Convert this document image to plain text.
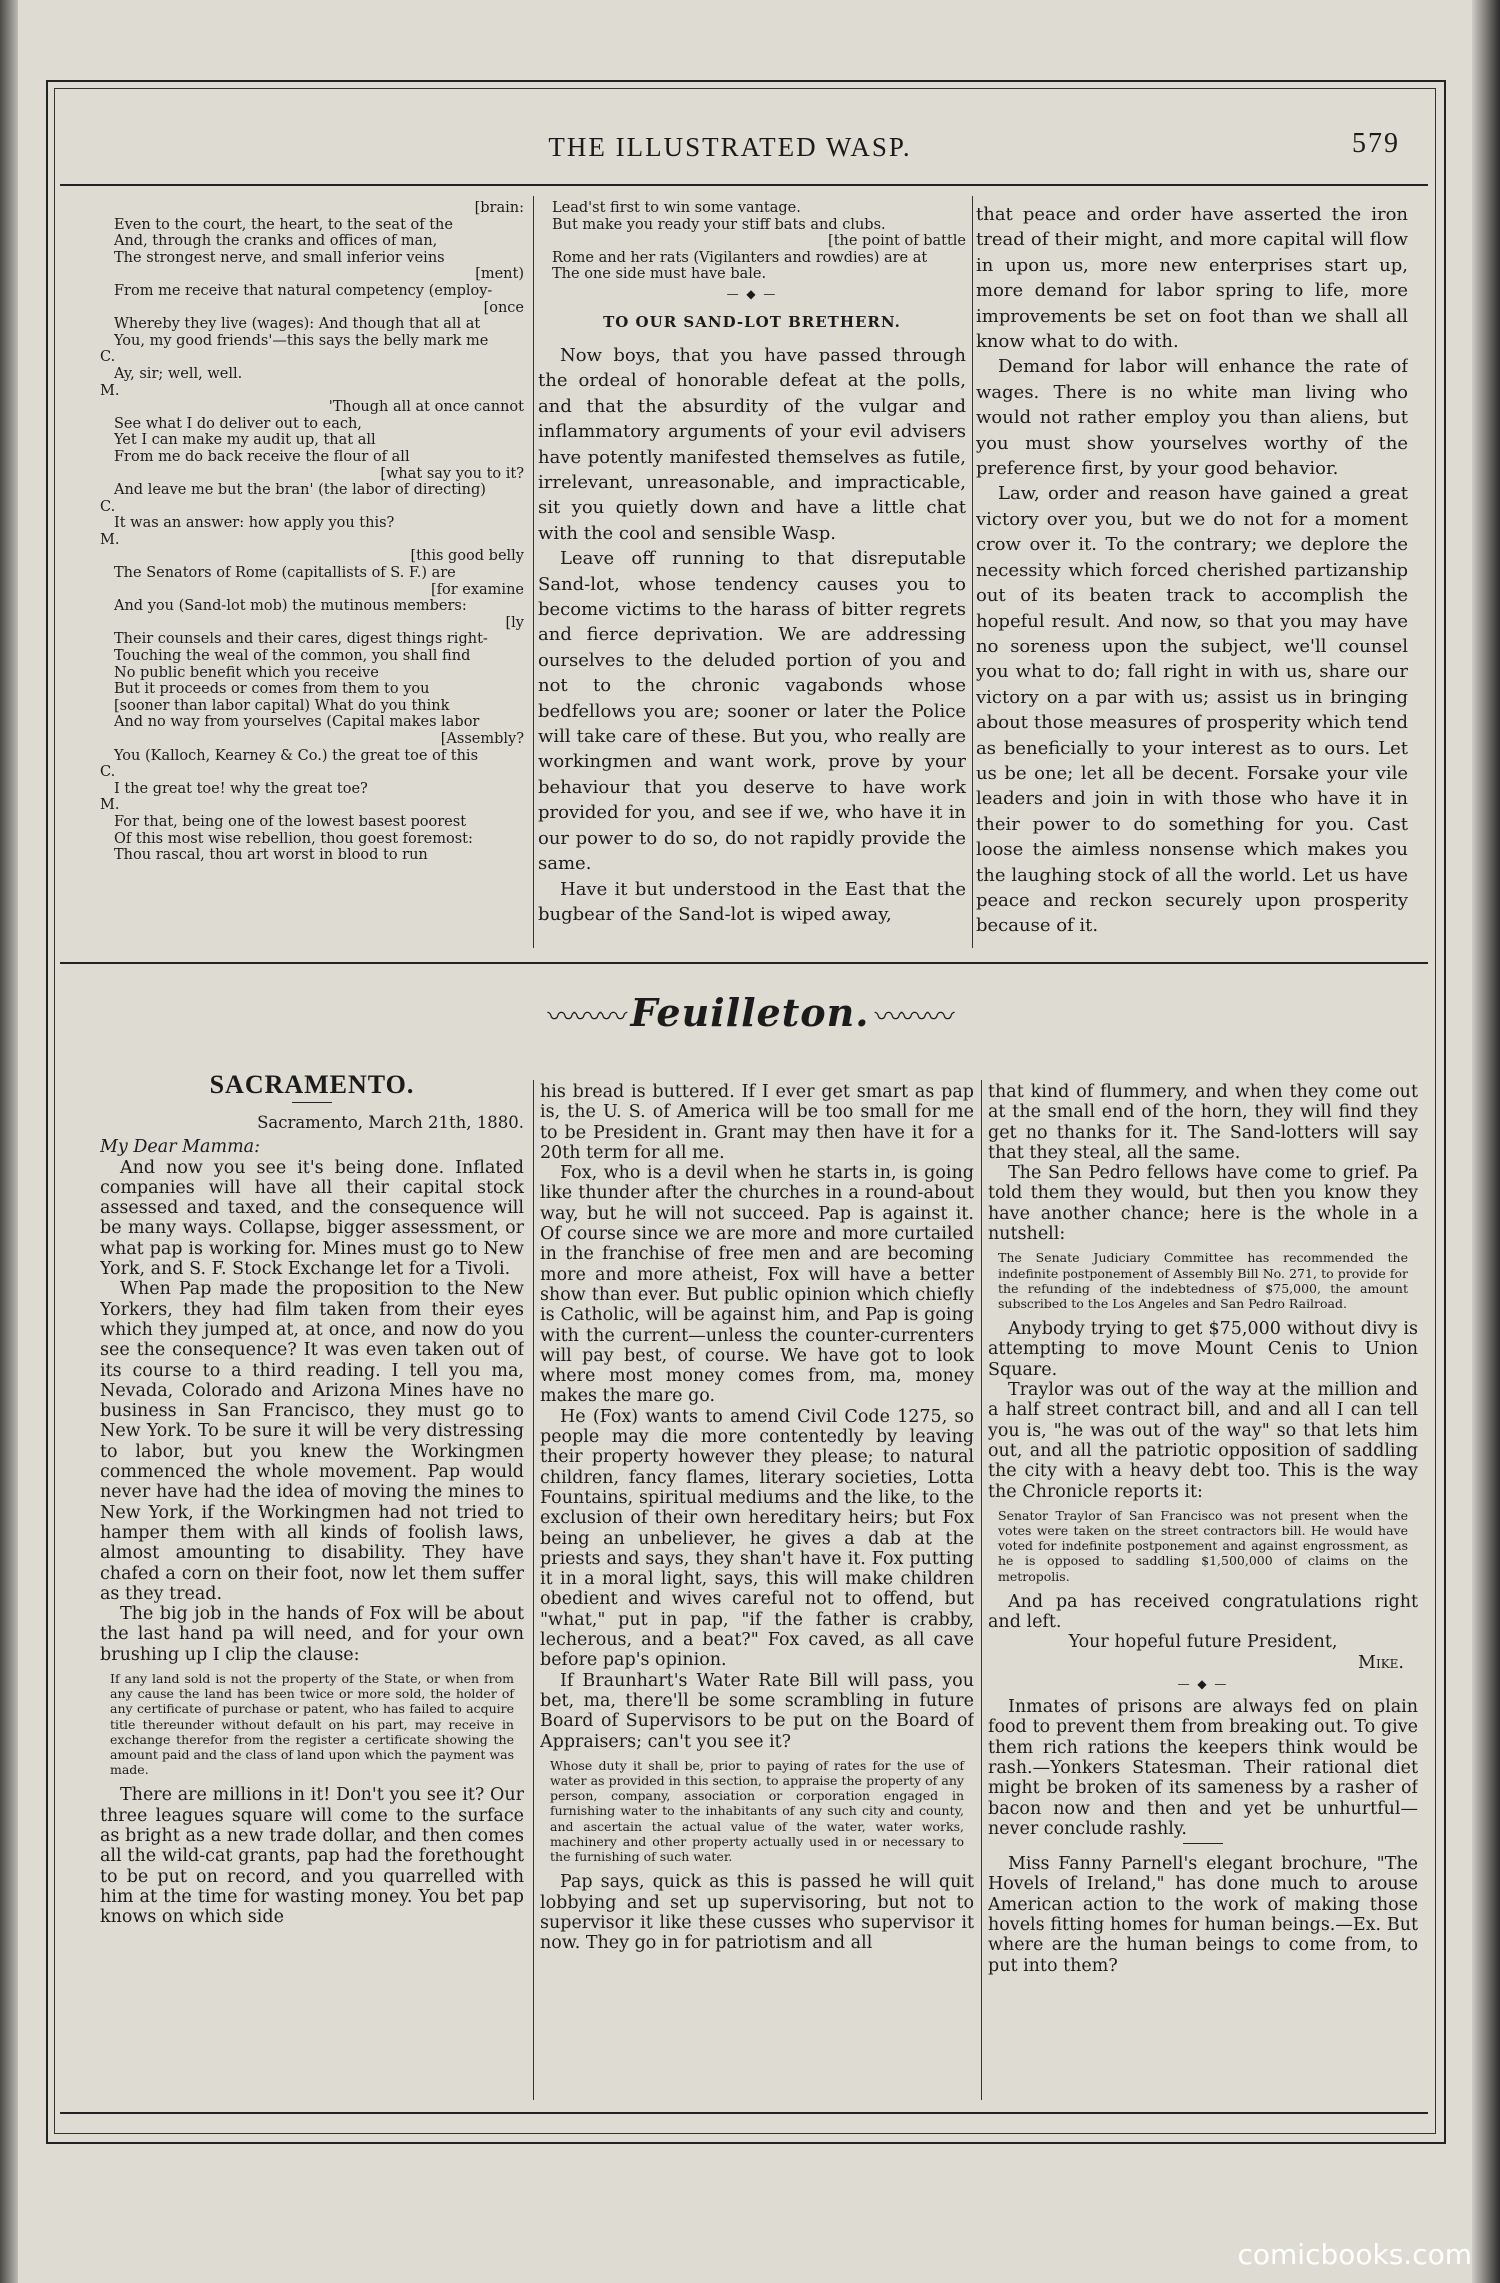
THE ILLUSTRATED WASP.	579

[brain:

Even to the court, the heart, to the seat of the

And, through the cranks and offices of man,

The strongest nerve, and small inferior veins

[ment)

From me receive that natural competency (employ-

[once

Whereby they live (wages): And though that all at

You, my good friends'—this says the belly mark me

C.

Ay, sir; well, well.

M.

'Though all at once cannot

See what I do deliver out to each,

Yet I can make my audit up, that all

From me do back receive the flour of all

[what say you to it?

And leave me but the bran' (the labor of directing)

C.

It was an answer: how apply you this?

M.

[this good belly

The Senators of Rome (capitallists of S. F.) are

[for examine

And you (Sand-lot mob) the mutinous members:

[ly

Their counsels and their cares, digest things right-

Touching the weal of the common, you shall find

No public benefit which you receive

But it proceeds or comes from them to you

[sooner than labor capital) What do you think

And no way from yourselves (Capital makes labor

[Assembly?

You (Kalloch, Kearney & Co.) the great toe of this

C.

I the great toe! why the great toe?

M.

For that, being one of the lowest basest poorest

Of this most wise rebellion, thou goest foremost:

Thou rascal, thou art worst in blood to run

Lead'st first to win some vantage.

But make you ready your stiff bats and clubs.

[the point of battle

Rome and her rats (Vigilanters and rowdies) are at

The one side must have bale.

— ◆ —
TO OUR SAND-LOT BRETHERN.

Now boys, that you have passed through the ordeal of honorable defeat at the polls, and that the absurdity of the vulgar and inflammatory arguments of your evil advisers have potently manifested themselves as futile, irrelevant, unreasonable, and impracticable, sit you quietly down and have a little chat with the cool and sensible Wasp.

Leave off running to that disreputable Sand-lot, whose tendency causes you to become victims to the harass of bitter regrets and fierce deprivation. We are addressing ourselves to the deluded portion of you and not to the chronic vagabonds whose bedfellows you are; sooner or later the Police will take care of these. But you, who really are workingmen and want work, prove by your behaviour that you deserve to have work provided for you, and see if we, who have it in our power to do so, do not rapidly provide the same.

Have it but understood in the East that the bugbear of the Sand-lot is wiped away,

that peace and order have asserted the iron tread of their might, and more capital will flow in upon us, more new enterprises start up, more demand for labor spring to life, more improvements be set on foot than we shall all know what to do with.

Demand for labor will enhance the rate of wages. There is no white man living who would not rather employ you than aliens, but you must show yourselves worthy of the preference first, by your good behavior.

Law, order and reason have gained a great victory over you, but we do not for a moment crow over it. To the contrary; we deplore the necessity which forced cherished partizanship out of its beaten track to accomplish the hopeful result. And now, so that you may have no soreness upon the subject, we'll counsel you what to do; fall right in with us, share our victory on a par with us; assist us in bringing about those measures of prosperity which tend as beneficially to your interest as to ours. Let us be one; let all be decent. Forsake your vile leaders and join in with those who have it in their power to do something for you. Cast loose the aimless nonsense which makes you the laughing stock of all the world. Let us have peace and reckon securely upon prosperity because of it.

〰〰〰 Feuilleton. 〰〰〰
SACRAMENTO.

Sacramento, March 21th, 1880.

My Dear Mamma:

And now you see it's being done. Inflated companies will have all their capital stock assessed and taxed, and the consequence will be many ways. Collapse, bigger assessment, or what pap is working for. Mines must go to New York, and S. F. Stock Exchange let for a Tivoli.

When Pap made the proposition to the New Yorkers, they had film taken from their eyes which they jumped at, at once, and now do you see the consequence? It was even taken out of its course to a third reading. I tell you ma, Nevada, Colorado and Arizona Mines have no business in San Francisco, they must go to New York. To be sure it will be very distressing to labor, but you knew the Workingmen commenced the whole movement. Pap would never have had the idea of moving the mines to New York, if the Workingmen had not tried to hamper them with all kinds of foolish laws, almost amounting to disability. They have chafed a corn on their foot, now let them suffer as they tread.

The big job in the hands of Fox will be about the last hand pa will need, and for your own brushing up I clip the clause:

If any land sold is not the property of the State, or when from any cause the land has been twice or more sold, the holder of any certificate of purchase or patent, who has failed to acquire title thereunder without default on his part, may receive in exchange therefor from the register a certificate showing the amount paid and the class of land upon which the payment was made.

There are millions in it! Don't you see it? Our three leagues square will come to the surface as bright as a new trade dollar, and then comes all the wild-cat grants, pap had the forethought to be put on record, and you quarrelled with him at the time for wasting money. You bet pap knows on which side

his bread is buttered. If I ever get smart as pap is, the U. S. of America will be too small for me to be President in. Grant may then have it for a 20th term for all me.

Fox, who is a devil when he starts in, is going like thunder after the churches in a round-about way, but he will not succeed. Pap is against it. Of course since we are more and more curtailed in the franchise of free men and are becoming more and more atheist, Fox will have a better show than ever. But public opinion which chiefly is Catholic, will be against him, and Pap is going with the current—unless the counter-currenters will pay best, of course. We have got to look where most money comes from, ma, money makes the mare go.

He (Fox) wants to amend Civil Code 1275, so people may die more contentedly by leaving their property however they please; to natural children, fancy flames, literary societies, Lotta Fountains, spiritual mediums and the like, to the exclusion of their own hereditary heirs; but Fox being an unbeliever, he gives a dab at the priests and says, they shan't have it. Fox putting it in a moral light, says, this will make children obedient and wives careful not to offend, but "what," put in pap, "if the father is crabby, lecherous, and a beat?" Fox caved, as all cave before pap's opinion.

If Braunhart's Water Rate Bill will pass, you bet, ma, there'll be some scrambling in future Board of Supervisors to be put on the Board of Appraisers; can't you see it?

Whose duty it shall be, prior to paying of rates for the use of water as provided in this section, to appraise the property of any person, company, association or corporation engaged in furnishing water to the inhabitants of any such city and county, and ascertain the actual value of the water, water works, machinery and other property actually used in or necessary to the furnishing of such water.

Pap says, quick as this is passed he will quit lobbying and set up supervisoring, but not to supervisor it like these cusses who supervisor it now. They go in for patriotism and all

that kind of flummery, and when they come out at the small end of the horn, they will find they get no thanks for it. The Sand-lotters will say that they steal, all the same.

The San Pedro fellows have come to grief. Pa told them they would, but then you know they have another chance; here is the whole in a nutshell:

The Senate Judiciary Committee has recommended the indefinite postponement of Assembly Bill No. 271, to provide for the refunding of the indebtedness of $75,000, the amount subscribed to the Los Angeles and San Pedro Railroad.

Anybody trying to get $75,000 without divy is attempting to move Mount Cenis to Union Square.

Traylor was out of the way at the million and a half street contract bill, and and all I can tell you is, "he was out of the way" so that lets him out, and all the patriotic opposition of saddling the city with a heavy debt too. This is the way the Chronicle reports it:

Senator Traylor of San Francisco was not present when the votes were taken on the street contractors bill. He would have voted for indefinite postponement and against engrossment, as he is opposed to saddling $1,500,000 of claims on the metropolis.

And pa has received congratulations right and left.

Your hopeful future President,

Mike.

— ◆ —

Inmates of prisons are always fed on plain food to prevent them from breaking out. To give them rich rations the keepers think would be rash.—Yonkers Statesman. Their rational diet might be broken of its sameness by a rasher of bacon now and then and yet be unhurtful—never conclude rashly.

Miss Fanny Parnell's elegant brochure, "The Hovels of Ireland," has done much to arouse American action to the work of making those hovels fitting homes for human beings.—Ex. But where are the human beings to come from, to put into them?

comicbooks.com
